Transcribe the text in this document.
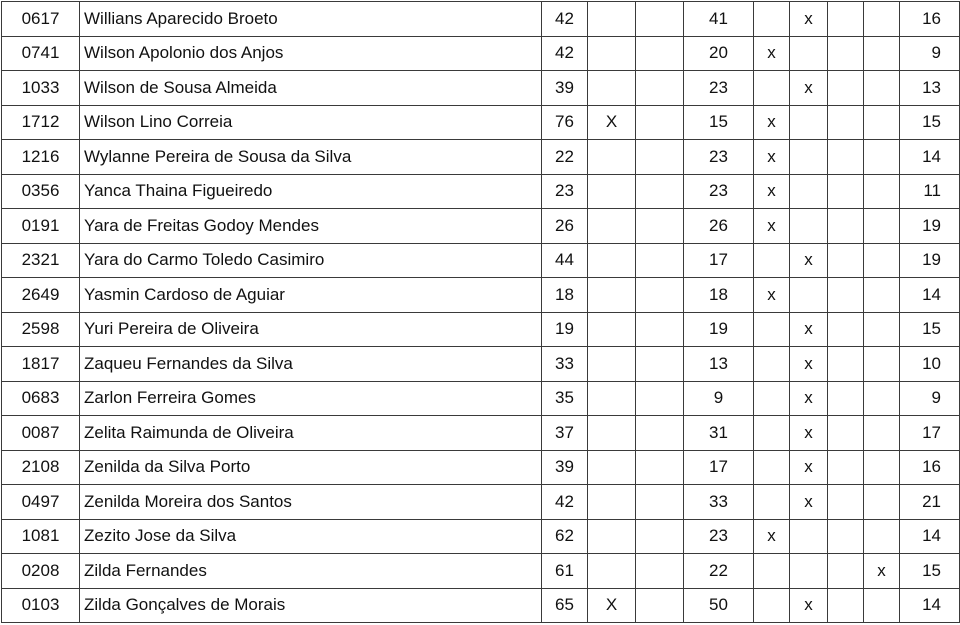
0617	Willians Aparecido Broeto	42			41		x			16
0741	Wilson Apolonio dos Anjos	42			20	x				9
1033	Wilson de Sousa Almeida	39			23		x			13
1712	Wilson Lino Correia	76	X		15	x				15
1216	Wylanne Pereira de Sousa da Silva	22			23	x				14
0356	Yanca Thaina Figueiredo	23			23	x				11
0191	Yara de Freitas Godoy Mendes	26			26	x				19
2321	Yara do Carmo Toledo Casimiro	44			17		x			19
2649	Yasmin Cardoso de Aguiar	18			18	x				14
2598	Yuri Pereira de Oliveira	19			19		x			15
1817	Zaqueu Fernandes da Silva	33			13		x			10
0683	Zarlon Ferreira Gomes	35			9		x			9
0087	Zelita Raimunda de Oliveira	37			31		x			17
2108	Zenilda da Silva Porto	39			17		x			16
0497	Zenilda Moreira dos Santos	42			33		x			21
1081	Zezito Jose da Silva	62			23	x				14
0208	Zilda Fernandes	61			22				x	15
0103	Zilda Gonçalves de Morais	65	X		50		x			14
